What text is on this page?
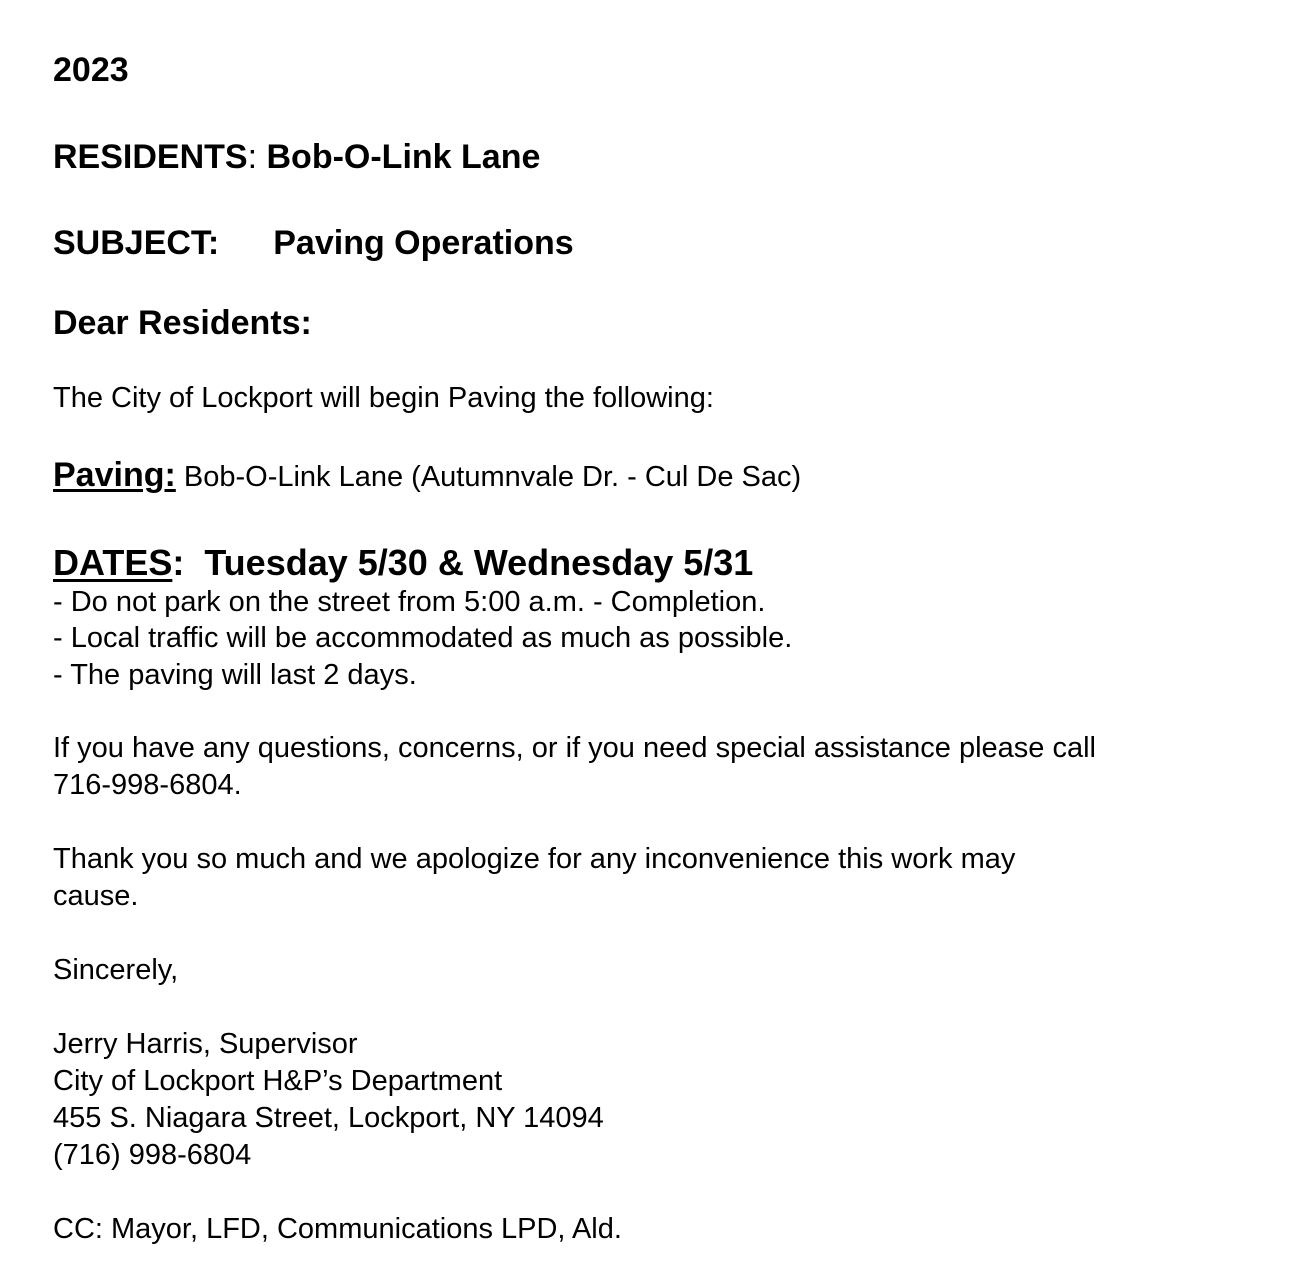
2023
RESIDENTS: Bob-O-Link Lane
SUBJECT: Paving Operations
Dear Residents:
The City of Lockport will begin Paving the following:
Paving: Bob-O-Link Lane (Autumnvale Dr. - Cul De Sac)
DATES: Tuesday 5/30 & Wednesday 5/31
- Do not park on the street from 5:00 a.m. - Completion.
- Local traffic will be accommodated as much as possible.
- The paving will last 2 days.
If you have any questions, concerns, or if you need special assistance please call
716-998-6804.
Thank you so much and we apologize for any inconvenience this work may
cause.
Sincerely,
Jerry Harris, Supervisor
City of Lockport H&P’s Department
455 S. Niagara Street, Lockport, NY 14094
(716) 998-6804
CC: Mayor, LFD, Communications LPD, Ald.
